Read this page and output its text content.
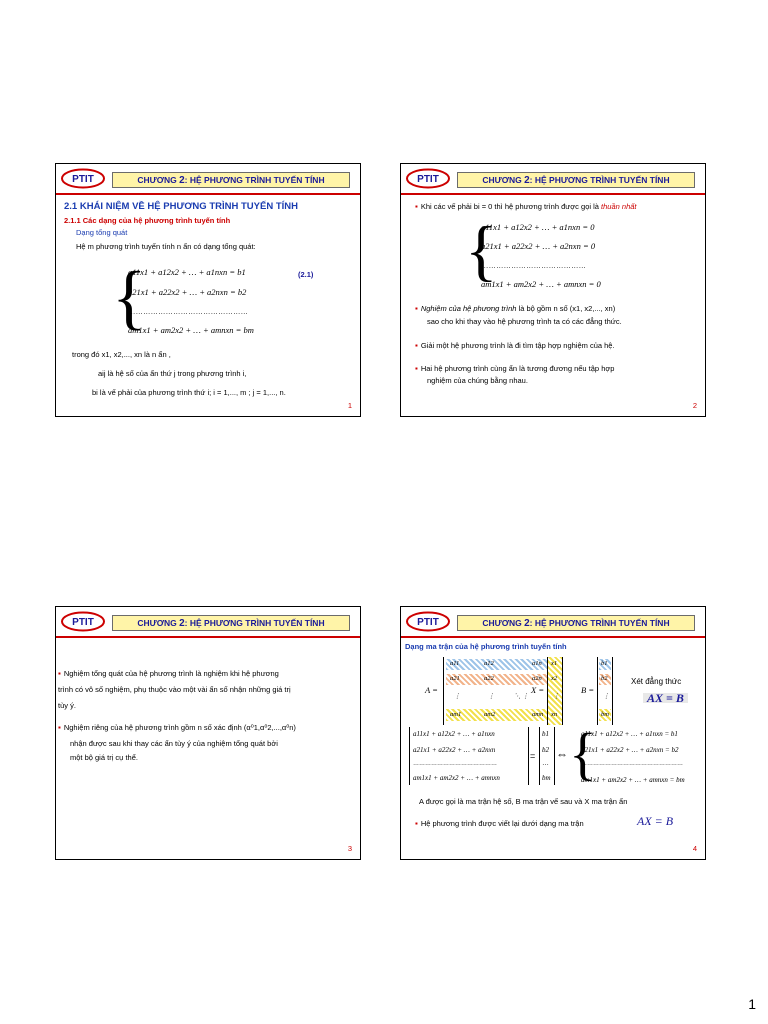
PTIT	CHƯƠNG 2: HỆ PHƯƠNG TRÌNH TUYẾN TÍNH
2.1 KHÁI NIỆM VỀ HỆ PHƯƠNG TRÌNH TUYẾN TÍNH
2.1.1 Các dạng của hệ phương trình tuyến tính
Dạng tổng quát
Hệ m phương trình tuyến tính n ẩn có dạng tổng quát:
{
a11x1 + a12x2 + … + a1nxn = b1	(2.1)
a21x1 + a22x2 + … + a2nxn = b2
…………………………………………
am1x1 + am2x2 + … + amnxn = bm
trong đó x1, x2,..., xn là n ẩn ,
aij là hệ số của ẩn thứ j trong phương trình i,
bi là vế phải của phương trình thứ i; i = 1,..., m ; j = 1,..., n.
1
PTIT	CHƯƠNG 2: HỆ PHƯƠNG TRÌNH TUYẾN TÍNH
▪ Khi các vế phải bi = 0 thì hệ phương trình được gọi là thuần nhất
{
a11x1 + a12x2 + … + a1nxn = 0
a21x1 + a22x2 + … + a2nxn = 0
……………………………………
am1x1 + am2x2 + … + amnxn = 0
▪ Nghiệm của hệ phương trình là bộ gồm n số (x1, x2,..., xn)
sao cho khi thay vào hệ phương trình ta có các đẳng thức.
▪ Giải một hệ phương trình là đi tìm tập hợp nghiệm của hệ.
▪ Hai hệ phương trình cùng ẩn là tương đương nếu tập hợp
nghiệm của chúng bằng nhau.
2
PTIT	CHƯƠNG 2: HỆ PHƯƠNG TRÌNH TUYẾN TÍNH
▪ Nghiệm tổng quát của hệ phương trình là nghiệm khi hệ phương
trình có vô số nghiệm, phụ thuộc vào một vài ẩn số nhận những giá trị
tùy ý.
▪ Nghiệm riêng của hệ phương trình gồm n số xác định (α⁰1,α⁰2,...,α⁰n)
nhận được sau khi thay các ẩn tùy ý của nghiệm tổng quát bởi
một bộ giá trị cụ thể.
3
PTIT	CHƯƠNG 2: HỆ PHƯƠNG TRÌNH TUYẾN TÍNH
Dạng ma trận của hệ phương trình tuyến tính
A =
a11	a12	a1n
a21	a22	a2n
⋮	⋮	⋱ ⋮
am1	am2	amn
X =
x1
x2
⋮
xn
B =
b1
b2
⋮
bm
Xét đẳng thức
AX = B
a11x1 + a12x2 + … + a1nxn
a21x1 + a22x2 + … + a2nxn
……………………………………
am1x1 + am2x2 + … + amnxn
=
b1
b2
…
bm
⇔ {
a11x1 + a12x2 + … + a1nxn = b1
a21x1 + a22x2 + … + a2nxn = b2
……………………………………………
am1x1 + am2x2 + … + amnxn = bm
A được gọi là ma trận hệ số, B ma trận vế sau và X ma trận ẩn
▪ Hệ phương trình được viết lại dưới dạng ma trận	AX = B
4
1
